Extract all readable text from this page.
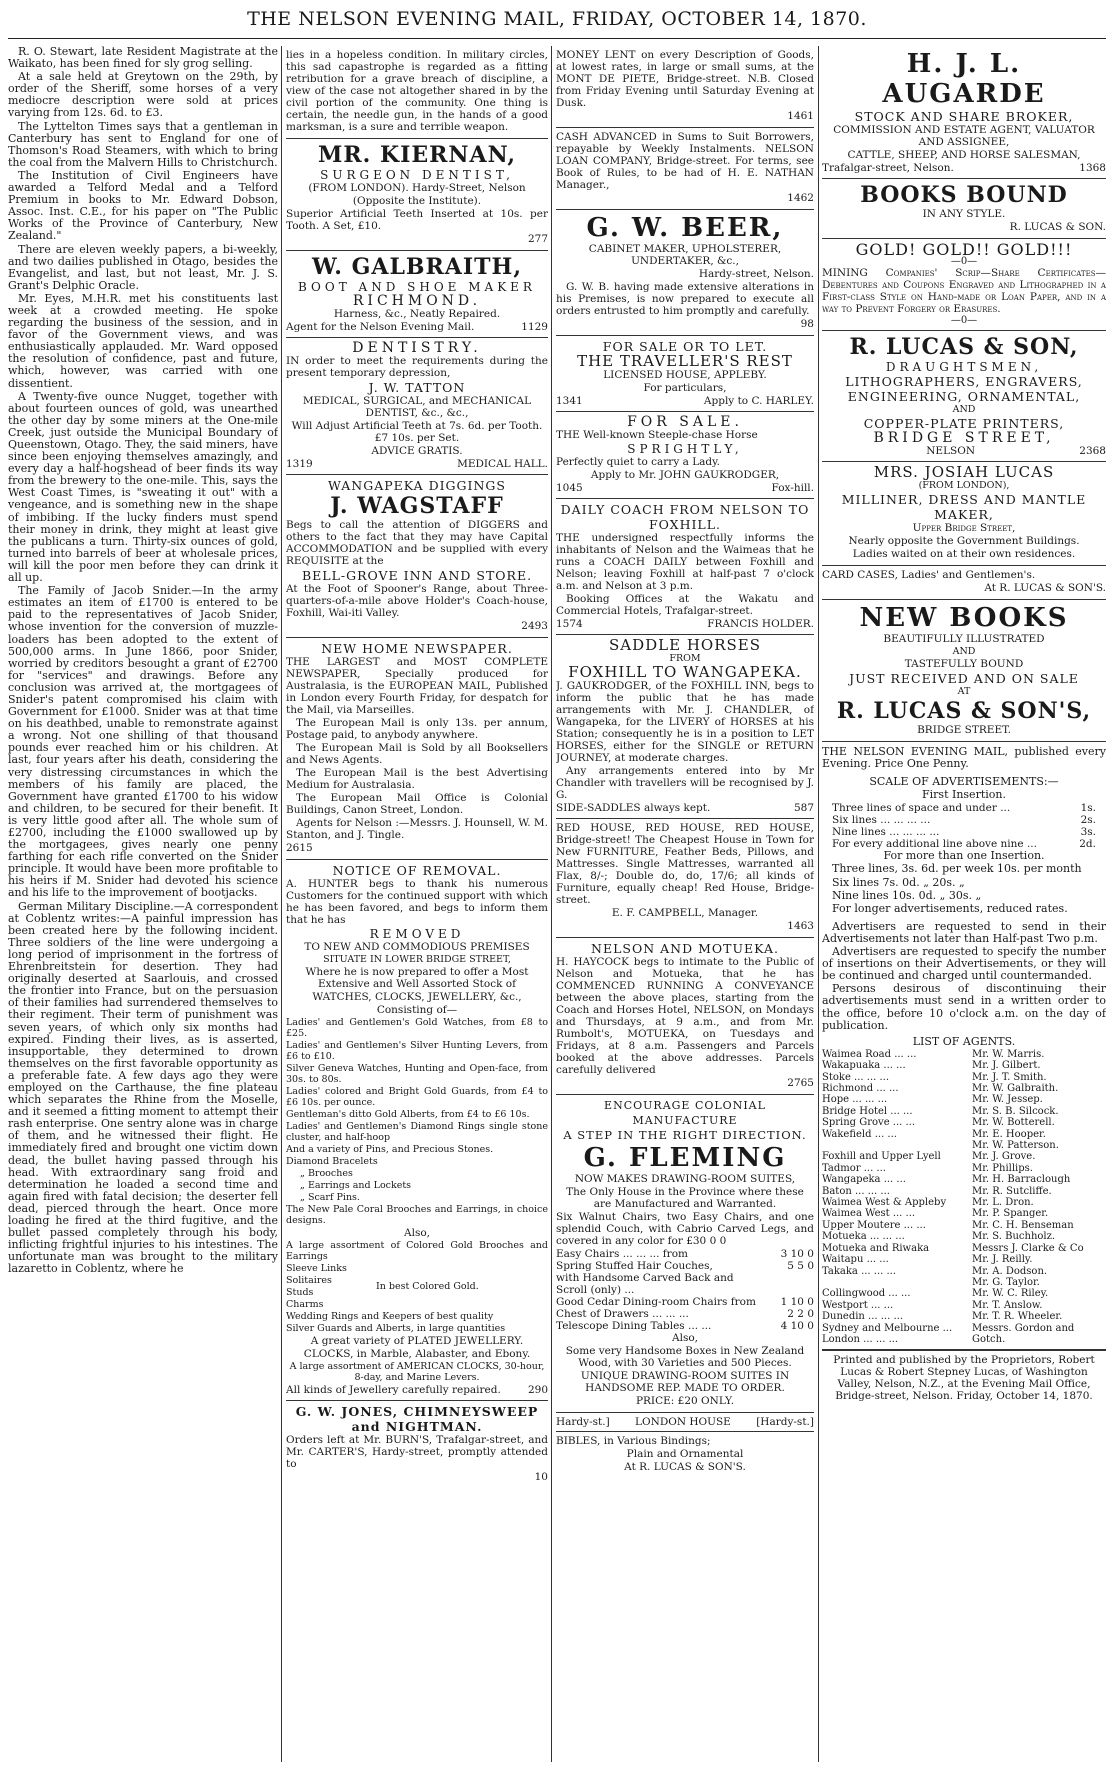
THE NELSON EVENING MAIL, FRIDAY, OCTOBER 14, 1870.

R. O. Stewart, late Resident Magistrate at the Waikato, has been fined for sly grog selling.

At a sale held at Greytown on the 29th, by order of the Sheriff, some horses of a very mediocre description were sold at prices varying from 12s. 6d. to £3.

The Lyttelton Times says that a gentleman in Canterbury has sent to England for one of Thomson's Road Steamers, with which to bring the coal from the Malvern Hills to Christchurch.

The Institution of Civil Engineers have awarded a Telford Medal and a Telford Premium in books to Mr. Edward Dobson, Assoc. Inst. C.E., for his paper on "The Public Works of the Province of Canterbury, New Zealand."

There are eleven weekly papers, a bi-weekly, and two dailies published in Otago, besides the Evangelist, and last, but not least, Mr. J. S. Grant's Delphic Oracle.

Mr. Eyes, M.H.R. met his constituents last week at a crowded meeting. He spoke regarding the business of the session, and in favor of the Government views, and was enthusiastically applauded. Mr. Ward opposed the resolution of confidence, past and future, which, however, was carried with one dissentient.

A Twenty-five ounce Nugget, together with about fourteen ounces of gold, was unearthed the other day by some miners at the One-mile Creek, just outside the Municipal Boundary of Queenstown, Otago. They, the said miners, have since been enjoying themselves amazingly, and every day a half-hogshead of beer finds its way from the brewery to the one-mile. This, says the West Coast Times, is "sweating it out" with a vengeance, and is something new in the shape of imbibing. If the lucky finders must spend their money in drink, they might at least give the publicans a turn. Thirty-six ounces of gold, turned into barrels of beer at wholesale prices, will kill the poor men before they can drink it all up.

The Family of Jacob Snider.—In the army estimates an item of £1700 is entered to be paid to the representatives of Jacob Snider, whose invention for the conversion of muzzle-loaders has been adopted to the extent of 500,000 arms. In June 1866, poor Snider, worried by creditors besought a grant of £2700 for "services" and drawings. Before any conclusion was arrived at, the mortgagees of Snider's patent compromised his claim with Government for £1000. Snider was at that time on his deathbed, unable to remonstrate against a wrong. Not one shilling of that thousand pounds ever reached him or his children. At last, four years after his death, considering the very distressing circumstances in which the members of his family are placed, the Government have granted £1700 to his widow and children, to be secured for their benefit. It is very little good after all. The whole sum of £2700, including the £1000 swallowed up by the mortgagees, gives nearly one penny farthing for each rifle converted on the Snider principle. It would have been more profitable to his heirs if M. Snider had devoted his science and his life to the improvement of bootjacks.

German Military Discipline.—A correspondent at Coblentz writes:—A painful impression has been created here by the following incident. Three soldiers of the line were undergoing a long period of imprisonment in the fortress of Ehrenbreitstein for desertion. They had originally deserted at Saarlouis, and crossed the frontier into France, but on the persuasion of their families had surrendered themselves to their regiment. Their term of punishment was seven years, of which only six months had expired. Finding their lives, as is asserted, insupportable, they determined to drown themselves on the first favorable opportunity as a preferable fate. A few days ago they were employed on the Carthause, the fine plateau which separates the Rhine from the Moselle, and it seemed a fitting moment to attempt their rash enterprise. One sentry alone was in charge of them, and he witnessed their flight. He immediately fired and brought one victim down dead, the bullet having passed through his head. With extraordinary sang froid and determination he loaded a second time and again fired with fatal decision; the deserter fell dead, pierced through the heart. Once more loading he fired at the third fugitive, and the bullet passed completely through his body, inflicting frightful injuries to his intestines. The unfortunate man was brought to the military lazaretto in Coblentz, where he

lies in a hopeless condition. In military circles, this sad capastrophe is regarded as a fitting retribution for a grave breach of discipline, a view of the case not altogether shared in by the civil portion of the community. One thing is certain, the needle gun, in the hands of a good marksman, is a sure and terrible weapon.

MR. KIERNAN,
SURGEON DENTIST,

(FROM LONDON). Hardy-Street, Nelson

(Opposite the Institute).

Superior Artificial Teeth Inserted at 10s. per Tooth. A Set, £10.

277

W. GALBRAITH,
BOOT AND SHOE MAKER
RICHMOND.

Harness, &c., Neatly Repaired.

Agent for the Nelson Evening Mail.	1129
DENTISTRY.

IN order to meet the requirements during the present temporary depression,

J. W. TATTON

MEDICAL, SURGICAL, and MECHANICAL DENTIST, &c., &c.,

Will Adjust Artificial Teeth at 7s. 6d. per Tooth. £7 10s. per Set.

ADVICE GRATIS.

1319	MEDICAL HALL.
WANGAPEKA DIGGINGS
J. WAGSTAFF

Begs to call the attention of DIGGERS and others to the fact that they may have Capital ACCOMMODATION and be supplied with every REQUISITE at the

BELL-GROVE INN AND STORE.

At the Foot of Spooner's Range, about Three-quarters-of-a-mile above Holder's Coach-house, Foxhill, Wai-iti Valley.

2493

NEW HOME NEWSPAPER.

THE LARGEST and MOST COMPLETE NEWSPAPER, Specially produced for Australasia, is the EUROPEAN MAIL, Published in London every Fourth Friday, for despatch for the Mail, via Marseilles.

The European Mail is only 13s. per annum, Postage paid, to anybody anywhere.

The European Mail is Sold by all Booksellers and News Agents.

The European Mail is the best Advertising Medium for Australasia.

The European Mail Office is Colonial Buildings, Canon Street, London.

Agents for Nelson :—Messrs. J. Hounsell, W. M. Stanton, and J. Tingle.

2615

NOTICE OF REMOVAL.

A. HUNTER begs to thank his numerous Customers for the continued support with which he has been favored, and begs to inform them that he has

REMOVED

TO NEW AND COMMODIOUS PREMISES

SITUATE IN LOWER BRIDGE STREET,

Where he is now prepared to offer a Most Extensive and Well Assorted Stock of

WATCHES, CLOCKS, JEWELLERY, &c.,

Consisting of—

Ladies' and Gentlemen's Gold Watches, from £8 to £25.

Ladies' and Gentlemen's Silver Hunting Levers, from £6 to £10.

Silver Geneva Watches, Hunting and Open-face, from 30s. to 80s.

Ladies' colored and Bright Gold Guards, from £4 to £6 10s. per ounce.

Gentleman's ditto Gold Alberts, from £4 to £6 10s.

Ladies' and Gentlemen's Diamond Rings single stone cluster, and half-hoop

And a variety of Pins, and Precious Stones.

Diamond Bracelets

„ Brooches

„ Earrings and Lockets

„ Scarf Pins.

The New Pale Coral Brooches and Earrings, in choice designs.

Also,

A large assortment of Colored Gold Brooches and Earrings

Sleeve Links

Solitaires

Studs

Charms

In best Colored Gold.

Wedding Rings and Keepers of best quality

Silver Guards and Alberts, in large quantities

A great variety of PLATED JEWELLERY.

CLOCKS, in Marble, Alabaster, and Ebony.

A large assortment of AMERICAN CLOCKS, 30-hour, 8-day, and Marine Levers.

All kinds of Jewellery carefully repaired.	290
G. W. JONES, CHIMNEYSWEEP and NIGHTMAN.

Orders left at Mr. BURN'S, Trafalgar-street, and Mr. CARTER'S, Hardy-street, promptly attended to

10

MONEY LENT on every Description of Goods, at lowest rates, in large or small sums, at the MONT DE PIETE, Bridge-street. N.B. Closed from Friday Evening until Saturday Evening at Dusk.

1461

CASH ADVANCED in Sums to Suit Borrowers, repayable by Weekly Instalments. NELSON LOAN COMPANY, Bridge-street. For terms, see Book of Rules, to be had of H. E. NATHAN Manager.,

1462

G. W. BEER,

CABINET MAKER, UPHOLSTERER, UNDERTAKER, &c.,

Hardy-street, Nelson.

G. W. B. having made extensive alterations in his Premises, is now prepared to execute all orders entrusted to him promptly and carefully.

98

FOR SALE OR TO LET.
THE TRAVELLER'S REST

LICENSED HOUSE, APPLEBY.

For particulars,

1341	Apply to C. HARLEY.
FOR SALE.

THE Well-known Steeple-chase Horse

SPRIGHTLY,

Perfectly quiet to carry a Lady.

Apply to Mr. JOHN GAUKRODGER,

1045	Fox-hill.
DAILY COACH FROM NELSON TO FOXHILL.

THE undersigned respectfully informs the inhabitants of Nelson and the Waimeas that he runs a COACH DAILY between Foxhill and Nelson; leaving Foxhill at half-past 7 o'clock a.m. and Nelson at 3 p.m.

Booking Offices at the Wakatu and Commercial Hotels, Trafalgar-street.

1574	FRANCIS HOLDER.
SADDLE HORSES

FROM

FOXHILL TO WANGAPEKA.

J. GAUKRODGER, of the FOXHILL INN, begs to inform the public that he has made arrangements with Mr. J. CHANDLER, of Wangapeka, for the LIVERY of HORSES at his Station; consequently he is in a position to LET HORSES, either for the SINGLE or RETURN JOURNEY, at moderate charges.

Any arrangements entered into by Mr Chandler with travellers will be recognised by J. G.

SIDE-SADDLES always kept.	587

RED HOUSE, RED HOUSE, RED HOUSE, Bridge-street! The Cheapest House in Town for New FURNITURE, Feather Beds, Pillows, and Mattresses. Single Mattresses, warranted all Flax, 8/-; Double do, do, 17/6; all kinds of Furniture, equally cheap! Red House, Bridge-street.

E. F. CAMPBELL, Manager.

1463

NELSON AND MOTUEKA.

H. HAYCOCK begs to intimate to the Public of Nelson and Motueka, that he has COMMENCED RUNNING A CONVEYANCE between the above places, starting from the Coach and Horses Hotel, NELSON, on Mondays and Thursdays, at 9 a.m., and from Mr. Rumbolt's, MOTUEKA, on Tuesdays and Fridays, at 8 a.m. Passengers and Parcels booked at the above addresses. Parcels carefully delivered

2765

ENCOURAGE COLONIAL MANUFACTURE
A STEP IN THE RIGHT DIRECTION.
G. FLEMING

NOW MAKES DRAWING-ROOM SUITES,

The Only House in the Province where these are Manufactured and Warranted.

Six Walnut Chairs, two Easy Chairs, and one splendid Couch, with Cabrio Carved Legs, and covered in any color for £30 0 0

Easy Chairs ... ... ... from	3 10 0
Spring Stuffed Hair Couches, with Handsome Carved Back and Scroll (only) ...
5 5 0
Good Cedar Dining-room Chairs from 1 10 0
Chest of Drawers ... ... ...	2 2 0
Telescope Dining Tables ... ...	4 10 0

Also,

Some very Handsome Boxes in New Zealand Wood, with 30 Varieties and 500 Pieces.

UNIQUE DRAWING-ROOM SUITES IN HANDSOME REP. MADE TO ORDER.

PRICE: £20 ONLY.

Hardy-st.] LONDON HOUSE [Hardy-st.]

BIBLES, in Various Bindings;

Plain and Ornamental

At R. LUCAS & SON'S.

H. J. L. AUGARDE
STOCK AND SHARE BROKER,

COMMISSION AND ESTATE AGENT, VALUATOR AND ASSIGNEE,

CATTLE, SHEEP, AND HORSE SALESMAN,

Trafalgar-street, Nelson.	1368
BOOKS BOUND

IN ANY STYLE.

R. LUCAS & SON.

GOLD! GOLD!! GOLD!!!
—0—

MINING Companies' Scrip—Share Certificates—Debentures and Coupons Engraved and Lithographed in a First-class Style on Hand-made or Loan Paper, and in a way to Prevent Forgery or Erasures.

—0—
R. LUCAS & SON,
DRAUGHTSMEN,
LITHOGRAPHERS, ENGRAVERS,
ENGINEERING, ORNAMENTAL,

AND

COPPER-PLATE PRINTERS,
BRIDGE STREET,
NELSON	2368
MRS. JOSIAH LUCAS

(FROM LONDON),

MILLINER, DRESS AND MANTLE MAKER,

Upper Bridge Street,

Nearly opposite the Government Buildings.

Ladies waited on at their own residences.

CARD CASES, Ladies' and Gentlemen's.

At R. LUCAS & SON'S.

NEW BOOKS

BEAUTIFULLY ILLUSTRATED

AND

TASTEFULLY BOUND

JUST RECEIVED AND ON SALE

AT

R. LUCAS & SON'S,

BRIDGE STREET.

THE NELSON EVENING MAIL, published every Evening. Price One Penny.

SCALE OF ADVERTISEMENTS:—

First Insertion.

Three lines of space and under ...	1s.
Six lines ... ... ... ...	2s.
Nine lines ... ... ... ...	3s.
For every additional line above nine ...	2d.

For more than one Insertion.

Three lines, 3s. 6d. per week 10s. per month

Six lines 7s. 0d. „ 20s. „

Nine lines 10s. 0d. „ 30s. „

For longer advertisements, reduced rates.

Advertisers are requested to send in their Advertisements not later than Half-past Two p.m.

Advertisers are requested to specify the number of insertions on their Advertisements, or they will be continued and charged until countermanded.

Persons desirous of discontinuing their advertisements must send in a written order to the office, before 10 o'clock a.m. on the day of publication.

LIST OF AGENTS.

Waimea Road ... ...	Mr. W. Marris.
Wakapuaka ... ...	Mr. J. Gilbert.
Stoke ... ... ...	Mr. J. T. Smith.
Richmond ... ...	Mr. W. Galbraith.
Hope ... ... ...	Mr. W. Jessep.
Bridge Hotel ... ...	Mr. S. B. Silcock.
Spring Grove ... ...	Mr. W. Botterell.
Wakefield ... ...	Mr. E. Hooper.
Mr. W. Patterson.
Foxhill and Upper Lyell	Mr. J. Grove.
Tadmor ... ...	Mr. Phillips.
Wangapeka ... ...	Mr. H. Barraclough
Baton ... ... ...	Mr. R. Sutcliffe.
Waimea West & Appleby	Mr. L. Dron.
Waimea West ... ...	Mr. P. Spanger.
Upper Moutere ... ...	Mr. C. H. Benseman
Motueka ... ... ...	Mr. S. Buchholz.
Motueka and Riwaka	Messrs J. Clarke & Co
Waitapu ... ...	Mr. J. Reilly.
Takaka ... ... ...	Mr. A. Dodson.
Mr. G. Taylor.
Collingwood ... ...	Mr. W. C. Riley.
Westport ... ...	Mr. T. Anslow.
Dunedin ... ... ...	Mr. T. R. Wheeler.
Sydney and Melbourne ...	Messrs. Gordon and
London ... ... ...	Gotch.
Printed and published by the Proprietors, Robert Lucas & Robert Stepney Lucas, of Washington Valley, Nelson, N.Z., at the Evening Mail Office, Bridge-street, Nelson. Friday, October 14, 1870.
